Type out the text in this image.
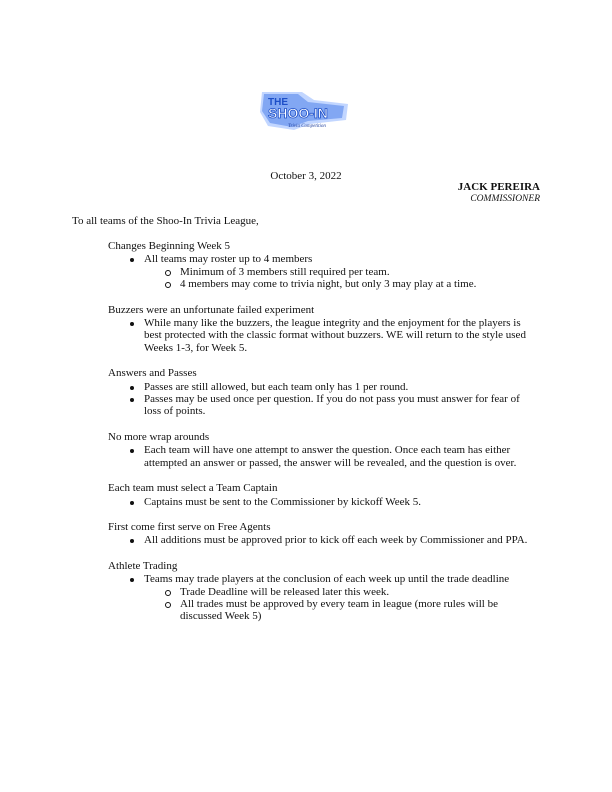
THE
SHOO-IN
Trivia Competition
October 3, 2022
JACK PEREIRA
COMMISSIONER
To all teams of the Shoo-In Trivia League,
Changes Beginning Week 5
All teams may roster up to 4 members
Minimum of 3 members still required per team.
4 members may come to trivia night, but only 3 may play at a time.
Buzzers were an unfortunate failed experiment
While many like the buzzers, the league integrity and the enjoyment for the players is best protected with the classic format without buzzers. WE will return to the style used Weeks 1-3, for Week 5.
Answers and Passes
Passes are still allowed, but each team only has 1 per round.
Passes may be used once per question. If you do not pass you must answer for fear of loss of points.
No more wrap arounds
Each team will have one attempt to answer the question. Once each team has either attempted an answer or passed, the answer will be revealed, and the question is over.
Each team must select a Team Captain
Captains must be sent to the Commissioner by kickoff Week 5.
First come first serve on Free Agents
All additions must be approved prior to kick off each week by Commissioner and PPA.
Athlete Trading
Teams may trade players at the conclusion of each week up until the trade deadline
Trade Deadline will be released later this week.
All trades must be approved by every team in league (more rules will be discussed Week 5)
